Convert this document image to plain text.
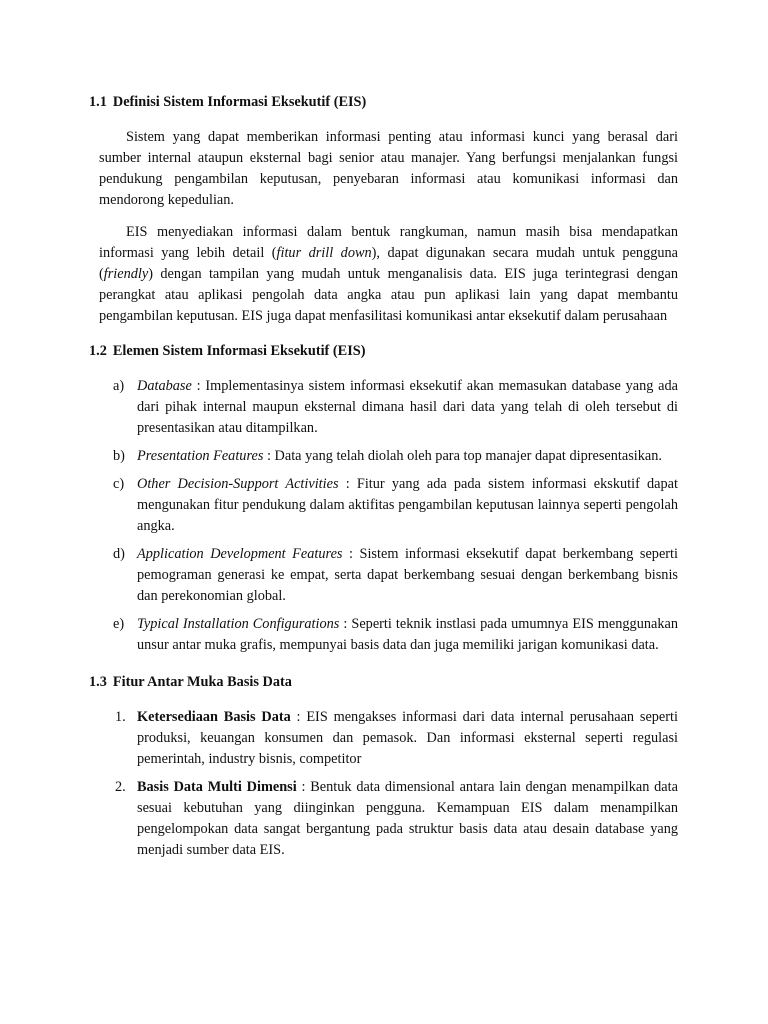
1.1 Definisi Sistem Informasi Eksekutif (EIS)

Sistem yang dapat memberikan informasi penting atau informasi kunci yang berasal dari sumber internal ataupun eksternal bagi senior atau manajer. Yang berfungsi menjalankan fungsi pendukung pengambilan keputusan, penyebaran informasi atau komunikasi informasi dan mendorong kepedulian.

EIS menyediakan informasi dalam bentuk rangkuman, namun masih bisa mendapatkan informasi yang lebih detail (fitur drill down), dapat digunakan secara mudah untuk pengguna (friendly) dengan tampilan yang mudah untuk menganalisis data. EIS juga terintegrasi dengan perangkat atau aplikasi pengolah data angka atau pun aplikasi lain yang dapat membantu pengambilan keputusan. EIS juga dapat menfasilitasi komunikasi antar eksekutif dalam perusahaan

1.2 Elemen Sistem Informasi Eksekutif (EIS)
a) Database : Implementasinya sistem informasi eksekutif akan memasukan database yang ada dari pihak internal maupun eksternal dimana hasil dari data yang telah di oleh tersebut di presentasikan atau ditampilkan.
b) Presentation Features : Data yang telah diolah oleh para top manajer dapat dipresentasikan.
c) Other Decision-Support Activities : Fitur yang ada pada sistem informasi ekskutif dapat mengunakan fitur pendukung dalam aktifitas pengambilan keputusan lainnya seperti pengolah angka.
d) Application Development Features : Sistem informasi eksekutif dapat berkembang seperti pemograman generasi ke empat, serta dapat berkembang sesuai dengan berkembang bisnis dan perekonomian global.
e) Typical Installation Configurations : Seperti teknik instlasi pada umumnya EIS menggunakan unsur antar muka grafis, mempunyai basis data dan juga memiliki jarigan komunikasi data.
1.3 Fitur Antar Muka Basis Data
1. Ketersediaan Basis Data : EIS mengakses informasi dari data internal perusahaan seperti produksi, keuangan konsumen dan pemasok. Dan informasi eksternal seperti regulasi pemerintah, industry bisnis, competitor
2. Basis Data Multi Dimensi : Bentuk data dimensional antara lain dengan menampilkan data sesuai kebutuhan yang diinginkan pengguna. Kemampuan EIS dalam menampilkan pengelompokan data sangat bergantung pada struktur basis data atau desain database yang menjadi sumber data EIS.
